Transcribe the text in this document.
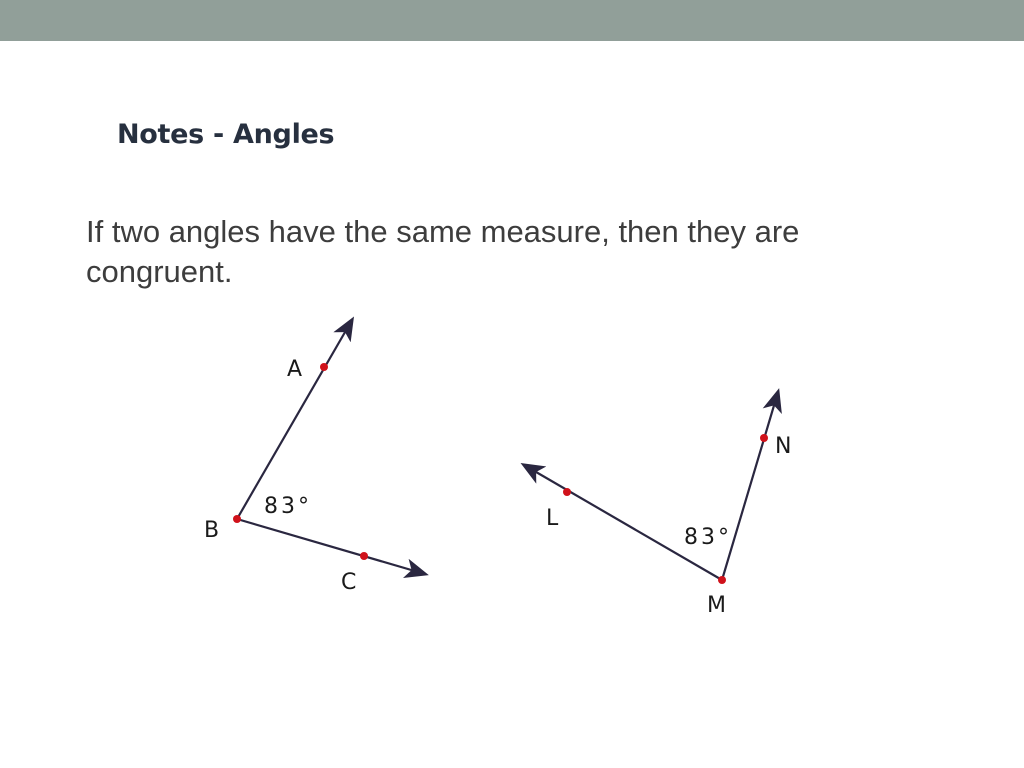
Notes - Angles
If two angles have the same measure, then they are congruent.
A
B
C
83°	L
M
N
83°
